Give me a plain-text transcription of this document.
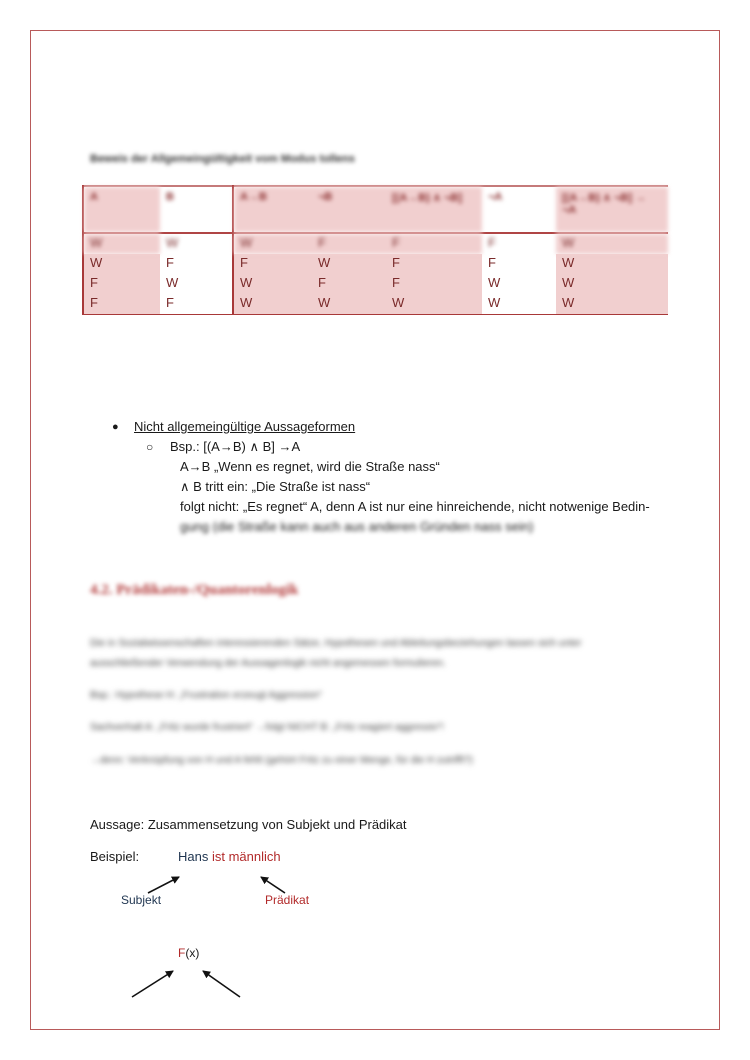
Beweis der Allgemeingültigkeit vom Modus tollens
A	B	A→B	¬B	[(A→B) ∧ ¬B]	¬A	[(A→B) ∧ ¬B] → ¬A
W	W	W	F	F	F	W
W	F	F	W	F	F	W
F	W	W	F	F	W	W
F	F	W	W	W	W	W
● Nicht allgemeingültige Aussageformen
○ Bsp.: [(A→B) ∧ B] →A
A→B „Wenn es regnet, wird die Straße nass“
∧ B tritt ein: „Die Straße ist nass“
folgt nicht: „Es regnet“ A, denn A ist nur eine hinreichende, nicht notwenige Bedin-
gung (die Straße kann auch aus anderen Gründen nass sein)
4.2. Prädikaten-/Quantorenlogik
Die in Sozialwissenschaften interessierenden Sätze, Hypothesen und Ableitungsbeziehungen lassen sich unter ausschließender Verwendung der Aussagenlogik nicht angemessen formulieren.
Bsp.: Hypothese H: „Frustration erzeugt Aggression“
Sachverhalt A: „Fritz wurde frustriert“ →folgt NICHT B: „Fritz reagiert aggressiv“!
→denn: Verknüpfung von H und A fehlt (gehört Fritz zu einer Menge, für die H zutrifft?)
Aussage: Zusammensetzung von Subjekt und Prädikat
Beispiel:	Hans ist männlich
Subjekt	Prädikat
F(x)
